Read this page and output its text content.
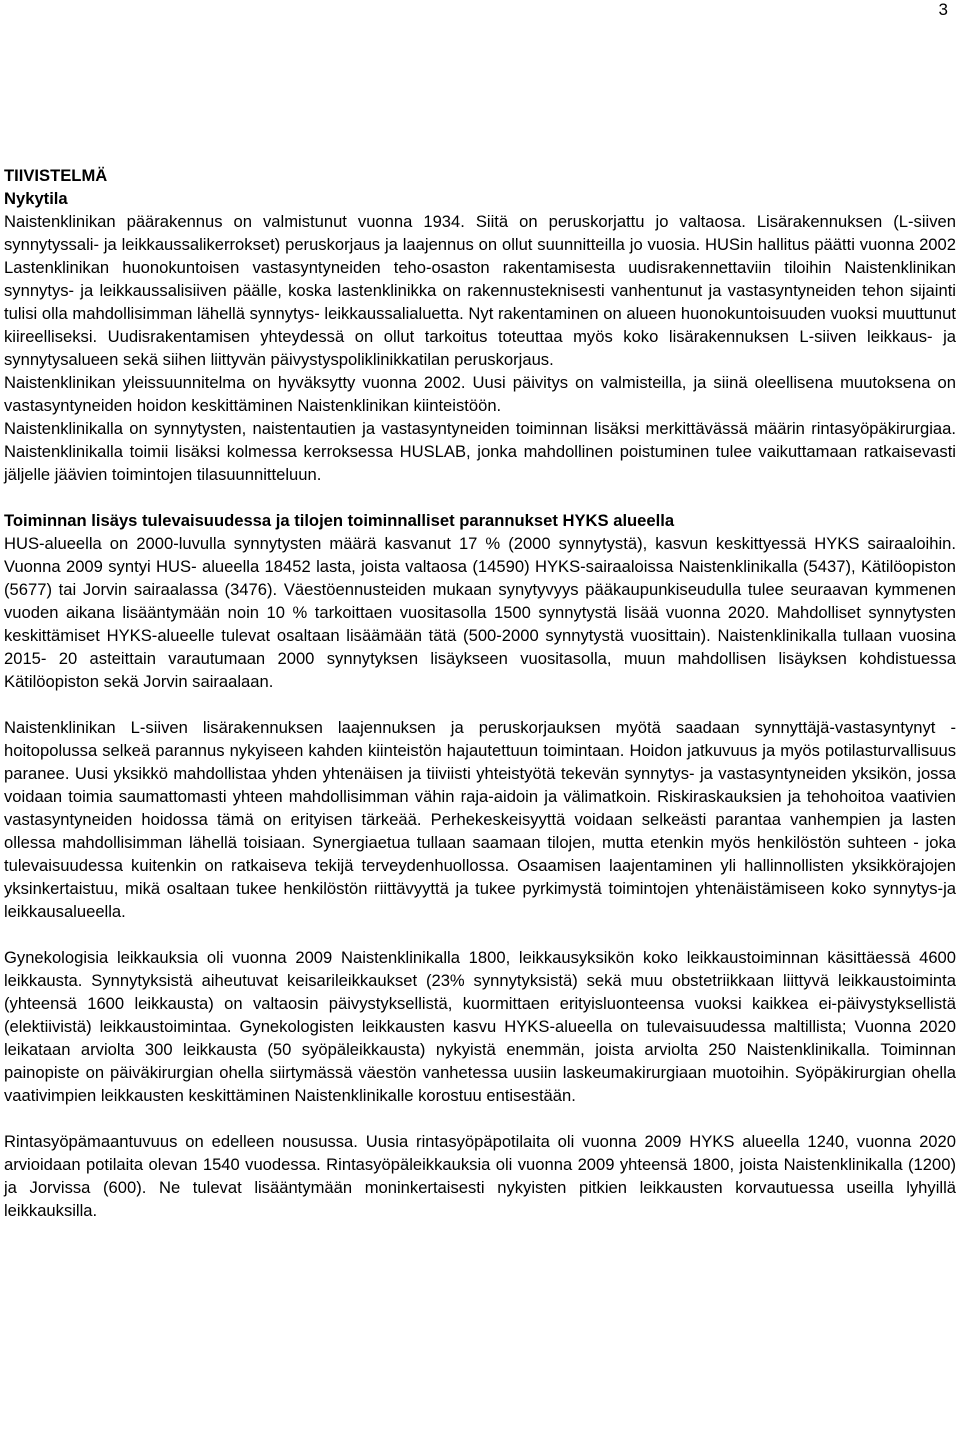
3

TIIVISTELMÄ

Nykytila

Naistenklinikan päärakennus on valmistunut vuonna 1934. Siitä on peruskorjattu jo valtaosa. Lisärakennuksen (L-siiven synnytyssali- ja leikkaussalikerrokset) peruskorjaus ja laajennus on ollut suunnitteilla jo vuosia. HUSin hallitus päätti vuonna 2002 Lastenklinikan huonokuntoisen vastasyntyneiden teho-osaston rakentamisesta uudisrakennettaviin tiloihin Naistenklinikan synnytys- ja leikkaussalisiiven päälle, koska lastenklinikka on rakennusteknisesti vanhentunut ja vastasyntyneiden tehon sijainti tulisi olla mahdollisimman lähellä synnytys- leikkaussalialuetta. Nyt rakentaminen on alueen huonokuntoisuuden vuoksi muuttunut kiireelliseksi. Uudisrakentamisen yhteydessä on ollut tarkoitus toteuttaa myös koko lisärakennuksen L-siiven leikkaus- ja synnytysalueen sekä siihen liittyvän päivystyspoliklinikkatilan peruskorjaus.

Naistenklinikan yleissuunnitelma on hyväksytty vuonna 2002. Uusi päivitys on valmisteilla, ja siinä oleellisena muutoksena on vastasyntyneiden hoidon keskittäminen Naistenklinikan kiinteistöön.

Naistenklinikalla on synnytysten, naistentautien ja vastasyntyneiden toiminnan lisäksi merkittävässä määrin rintasyöpäkirurgiaa. Naistenklinikalla toimii lisäksi kolmessa kerroksessa HUSLAB, jonka mahdollinen poistuminen tulee vaikuttamaan ratkaisevasti jäljelle jäävien toimintojen tilasuunnitteluun.

Toiminnan lisäys tulevaisuudessa ja tilojen toiminnalliset parannukset HYKS alueella

HUS-alueella on 2000-luvulla synnytysten määrä kasvanut 17 % (2000 synnytystä), kasvun keskittyessä HYKS sairaaloihin. Vuonna 2009 syntyi HUS- alueella 18452 lasta, joista valtaosa (14590) HYKS-sairaaloissa Naistenklinikalla (5437), Kätilöopiston (5677) tai Jorvin sairaalassa (3476). Väestöennusteiden mukaan synytyvyys pääkaupunkiseudulla tulee seuraavan kymmenen vuoden aikana lisääntymään noin 10 % tarkoittaen vuositasolla 1500 synnytystä lisää vuonna 2020. Mahdolliset synnytysten keskittämiset HYKS-alueelle tulevat osaltaan lisäämään tätä (500-2000 synnytystä vuosittain). Naistenklinikalla tullaan vuosina 2015- 20 asteittain varautumaan 2000 synnytyksen lisäykseen vuositasolla, muun mahdollisen lisäyksen kohdistuessa Kätilöopiston sekä Jorvin sairaalaan.

Naistenklinikan L-siiven lisärakennuksen laajennuksen ja peruskorjauksen myötä saadaan synnyttäjä-vastasyntynyt - hoitopolussa selkeä parannus nykyiseen kahden kiinteistön hajautettuun toimintaan. Hoidon jatkuvuus ja myös potilasturvallisuus paranee. Uusi yksikkö mahdollistaa yhden yhtenäisen ja tiiviisti yhteistyötä tekevän synnytys- ja vastasyntyneiden yksikön, jossa voidaan toimia saumattomasti yhteen mahdollisimman vähin raja-aidoin ja välimatkoin. Riskiraskauksien ja tehohoitoa vaativien vastasyntyneiden hoidossa tämä on erityisen tärkeää. Perhekeskeisyyttä voidaan selkeästi parantaa vanhempien ja lasten ollessa mahdollisimman lähellä toisiaan. Synergiaetua tullaan saamaan tilojen, mutta etenkin myös henkilöstön suhteen - joka tulevaisuudessa kuitenkin on ratkaiseva tekijä terveydenhuollossa. Osaamisen laajentaminen yli hallinnollisten yksikkörajojen yksinkertaistuu, mikä osaltaan tukee henkilöstön riittävyyttä ja tukee pyrkimystä toimintojen yhtenäistämiseen koko synnytys-ja leikkausalueella.

Gynekologisia leikkauksia oli vuonna 2009 Naistenklinikalla 1800, leikkausyksikön koko leikkaustoiminnan käsittäessä 4600 leikkausta. Synnytyksistä aiheutuvat keisarileikkaukset (23% synnytyksistä) sekä muu obstetriikkaan liittyvä leikkaustoiminta (yhteensä 1600 leikkausta) on valtaosin päivystyksellistä, kuormittaen erityisluonteensa vuoksi kaikkea ei-päivystyksellistä (elektiivistä) leikkaustoimintaa. Gynekologisten leikkausten kasvu HYKS-alueella on tulevaisuudessa maltillista; Vuonna 2020 leikataan arviolta 300 leikkausta (50 syöpäleikkausta) nykyistä enemmän, joista arviolta 250 Naistenklinikalla. Toiminnan painopiste on päiväkirurgian ohella siirtymässä väestön vanhetessa uusiin laskeumakirurgiaan muotoihin. Syöpäkirurgian ohella vaativimpien leikkausten keskittäminen Naistenklinikalle korostuu entisestään.

Rintasyöpämaantuvuus on edelleen nousussa. Uusia rintasyöpäpotilaita oli vuonna 2009 HYKS alueella 1240, vuonna 2020 arvioidaan potilaita olevan 1540 vuodessa. Rintasyöpäleikkauksia oli vuonna 2009 yhteensä 1800, joista Naistenklinikalla (1200) ja Jorvissa (600). Ne tulevat lisääntymään moninkertaisesti nykyisten pitkien leikkausten korvautuessa useilla lyhyillä leikkauksilla.
